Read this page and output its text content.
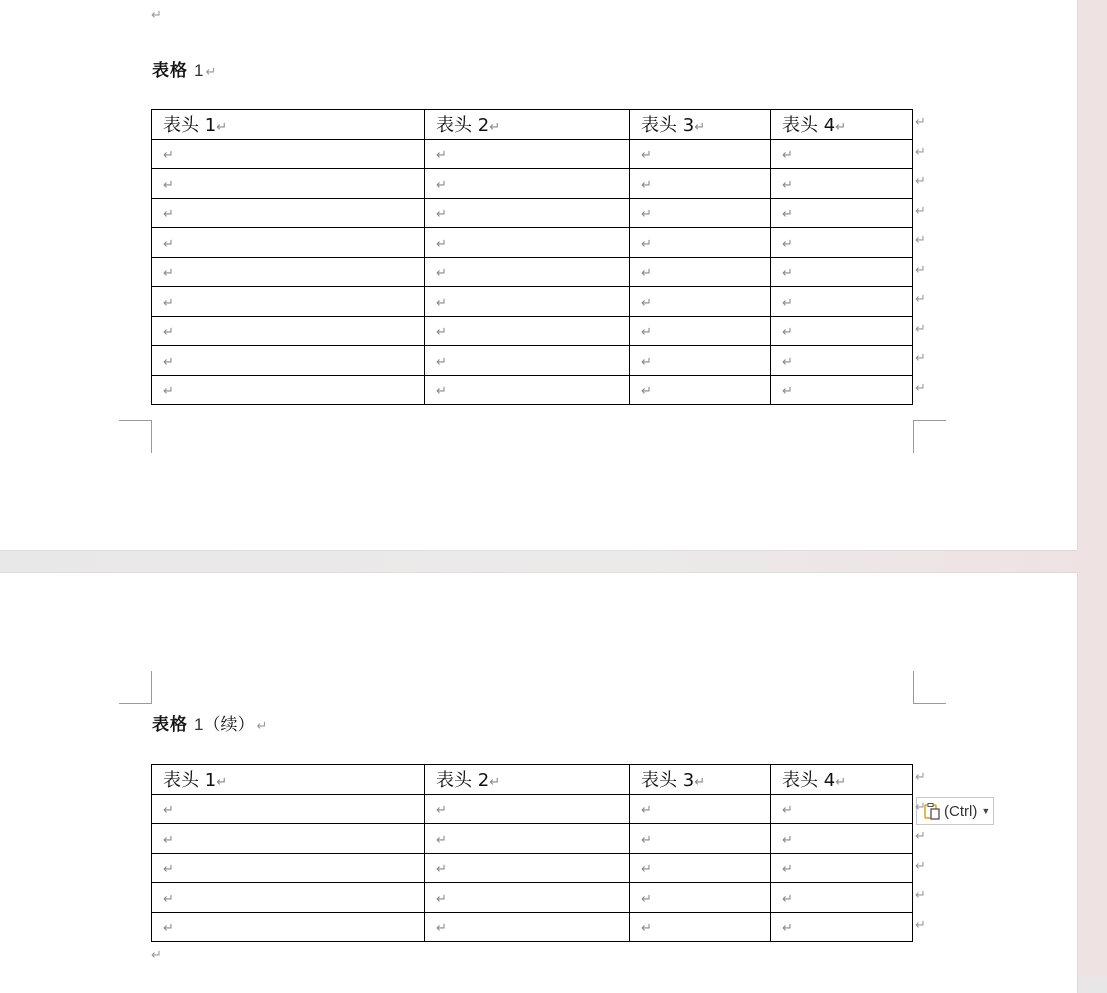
↵
表格 1 ↵
表头 1↵	表头 2↵	表头 3↵	表头 4↵
↵	↵	↵	↵
↵	↵	↵	↵
↵	↵	↵	↵
↵	↵	↵	↵
↵	↵	↵	↵
↵	↵	↵	↵
↵	↵	↵	↵
↵	↵	↵	↵
↵	↵	↵	↵
表格 1（续） ↵
表头 1↵	表头 2↵	表头 3↵	表头 4↵
↵	↵	↵	↵
↵	↵	↵	↵
↵	↵	↵	↵
↵	↵	↵	↵
↵	↵	↵	↵
↵
(Ctrl) ▼
↵
↵
↵
↵
↵
↵
↵
↵
↵
↵
↵
↵
↵
↵
↵
↵
